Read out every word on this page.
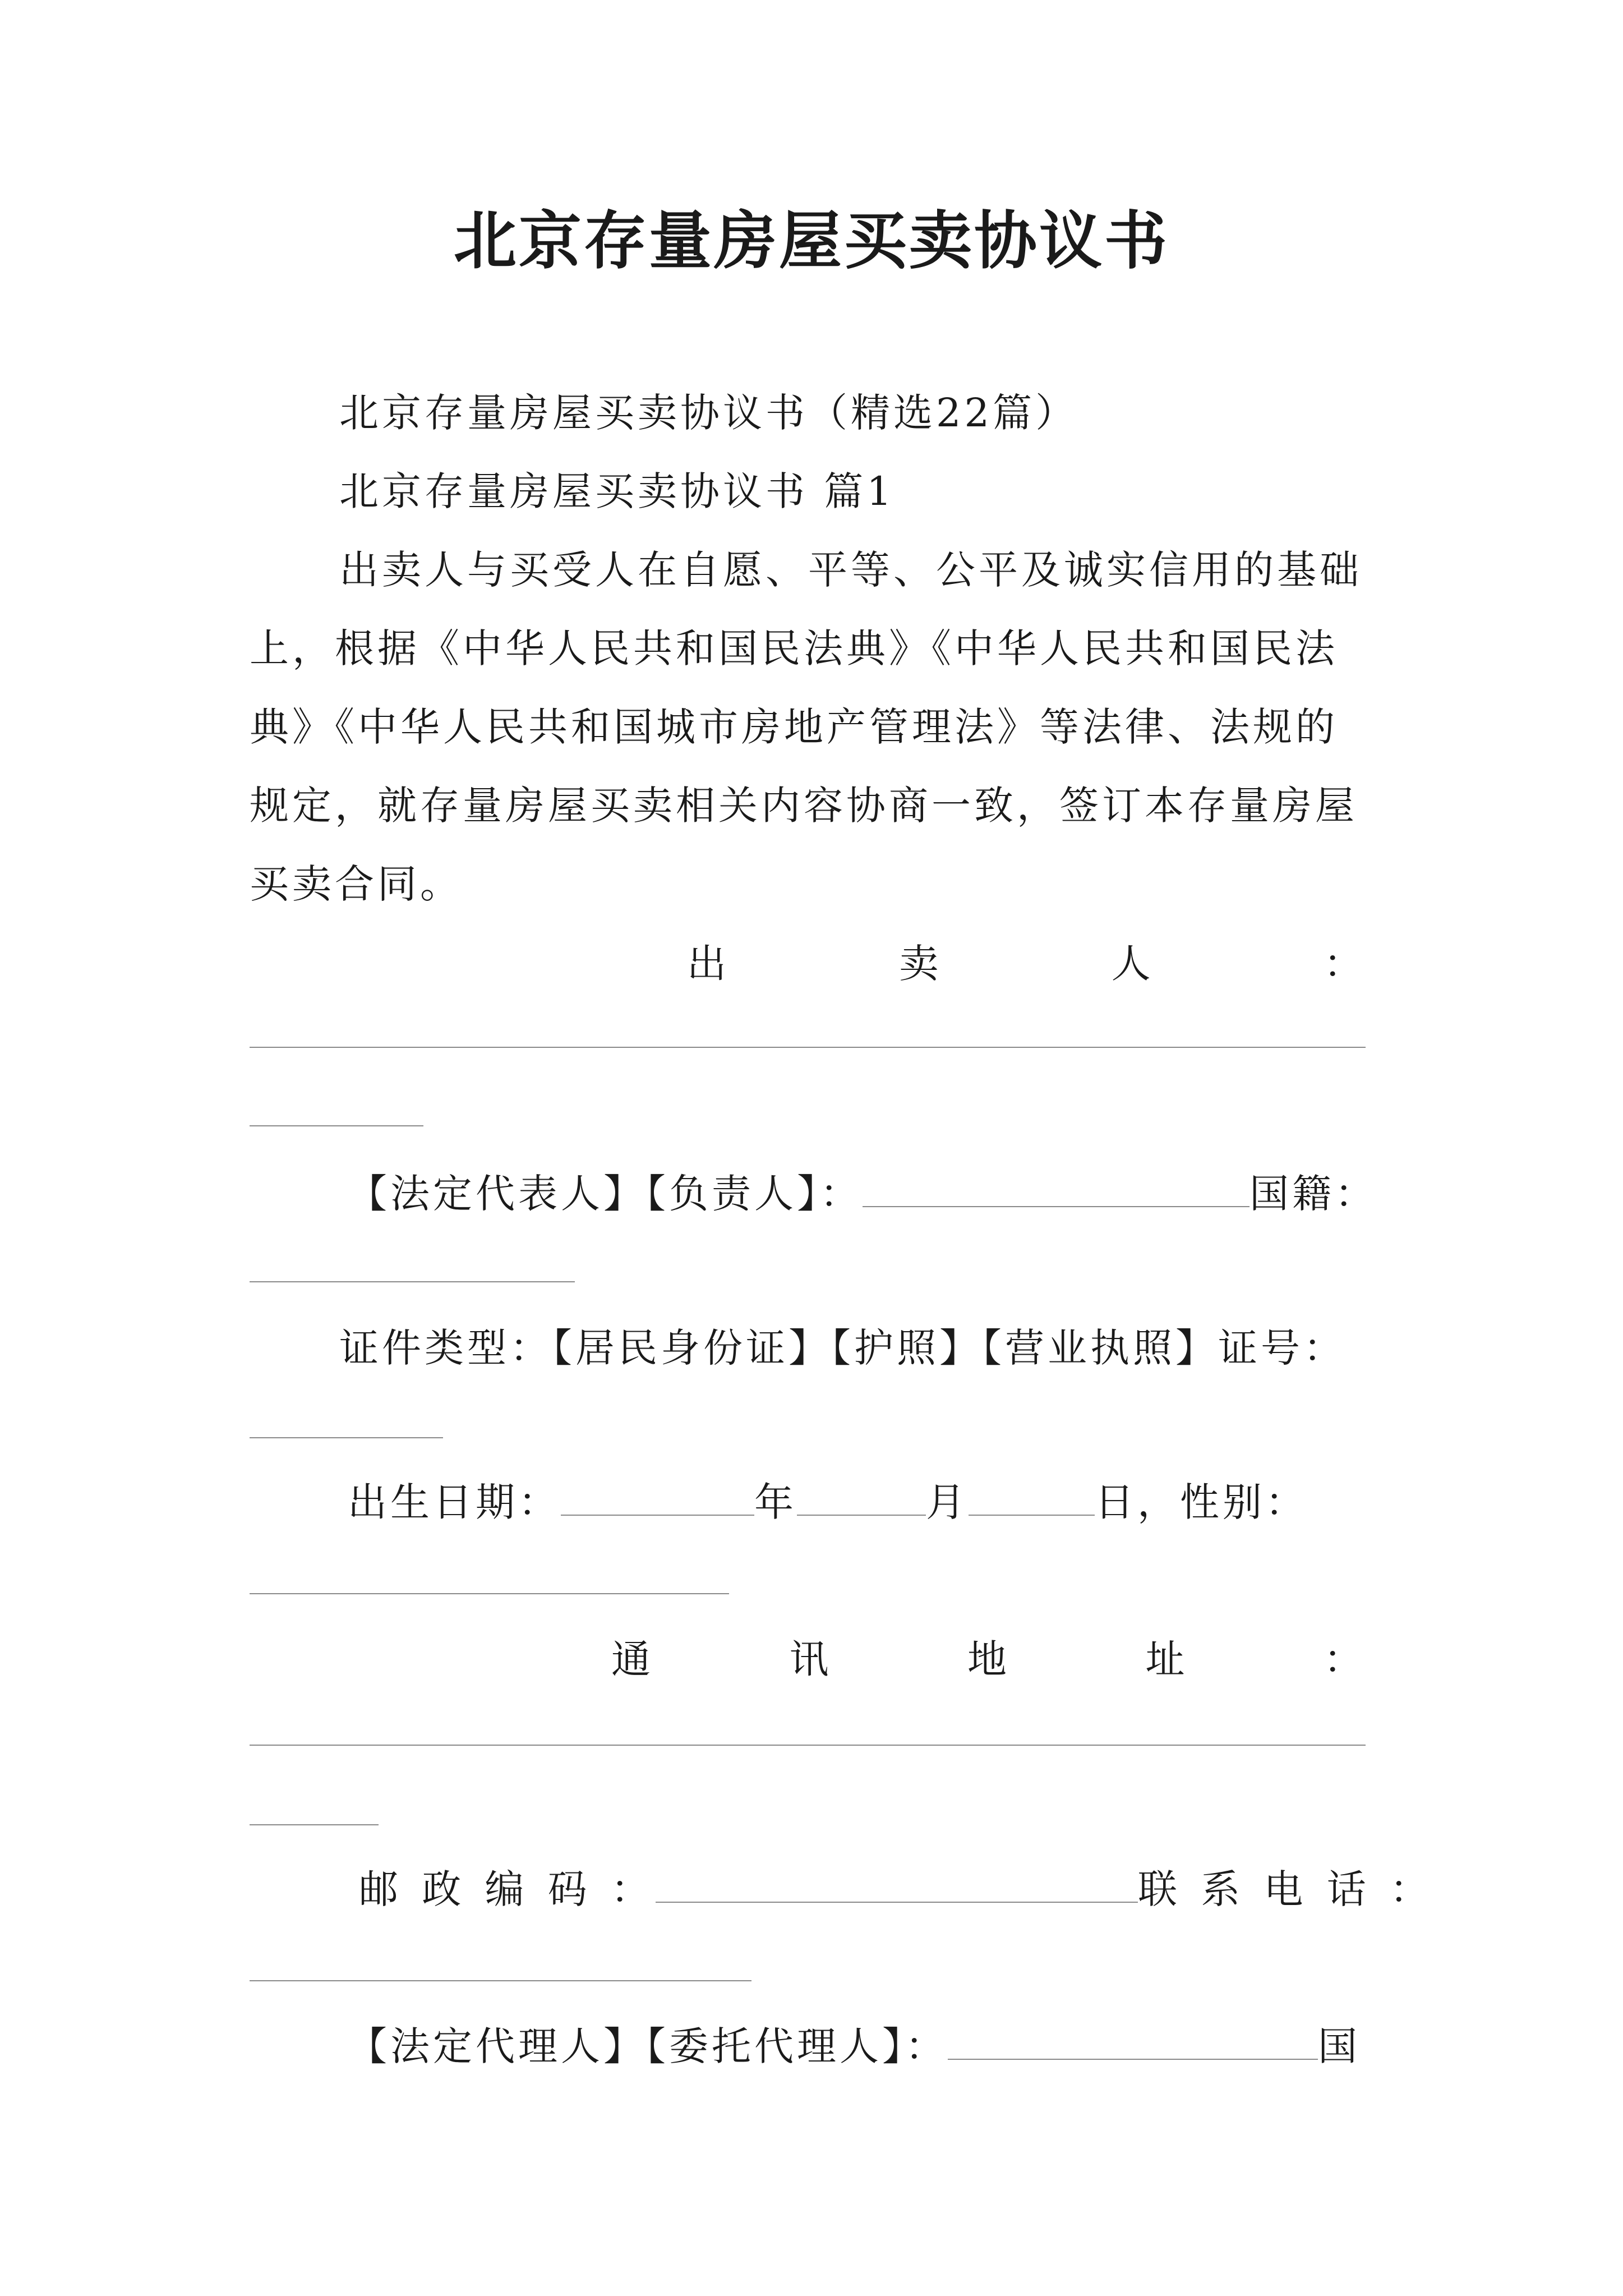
北京存量房屋买卖协议书
北京存量房屋买卖协议书（精选22篇）
北京存量房屋买卖协议书 篇1
出卖人与买受人在自愿、平等、公平及诚实信用的基础
上，根据《中华人民共和国民法典》《中华人民共和国民法
典》《中华人民共和国城市房地产管理法》等法律、法规的
规定，就存量房屋买卖相关内容协商一致，签订本存量房屋
买卖合同。
出	卖	人	：
【法定代表人】【负责人】：	国籍：
证件类型：【居民身份证】【护照】【营业执照】证号：
出生日期：	年	月	日，性别：
通	讯	地	址	：
邮 政 编 码 ：	联 系 电 话 ：
【法定代理人】【委托代理人】：	国
